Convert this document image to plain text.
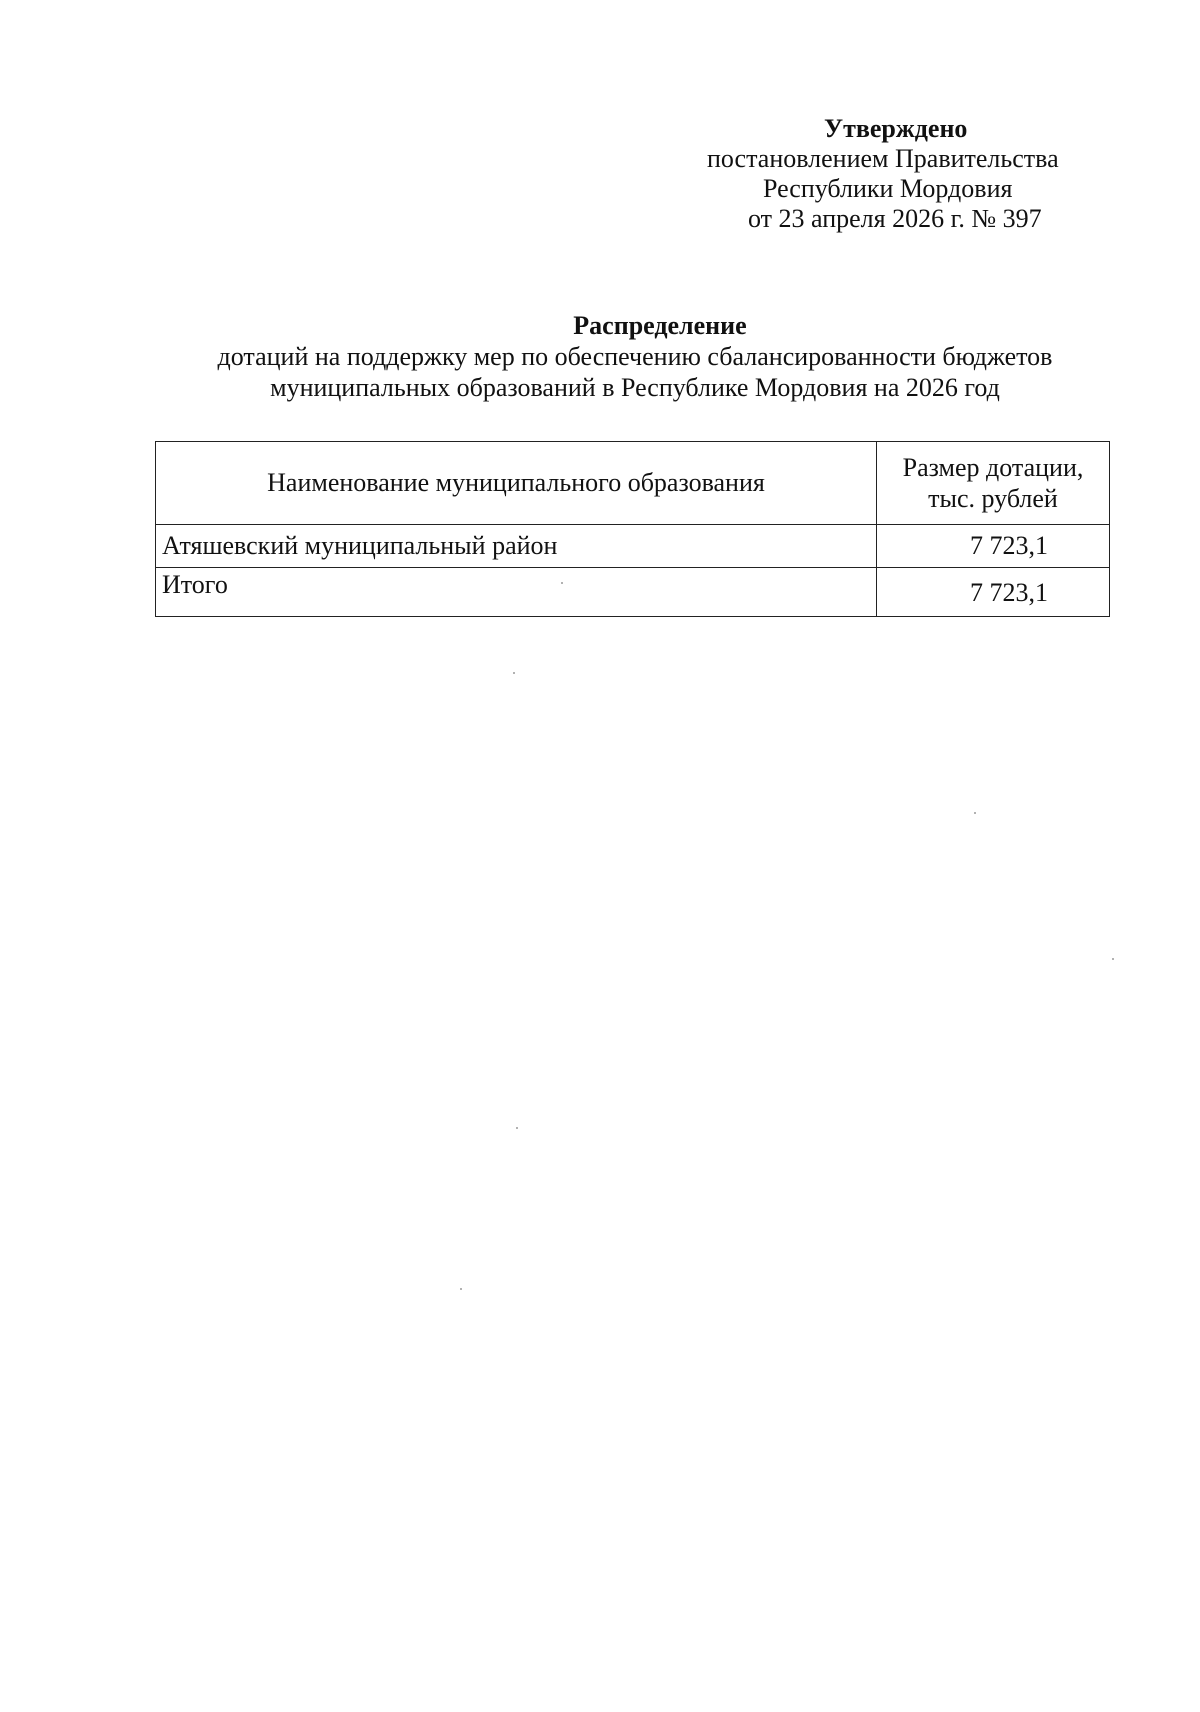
Утверждено
постановлением Правительства
Республики Мордовия
от 23 апреля 2026 г. № 397
Распределение
дотаций на поддержку мер по обеспечению сбалансированности бюджетов
муниципальных образований в Республике Мордовия на 2026 год
Наименование муниципального образования	Размер дотации,
тыс. рублей

Атяшевский муниципальный район	7 723,1
Итого	7 723,1
